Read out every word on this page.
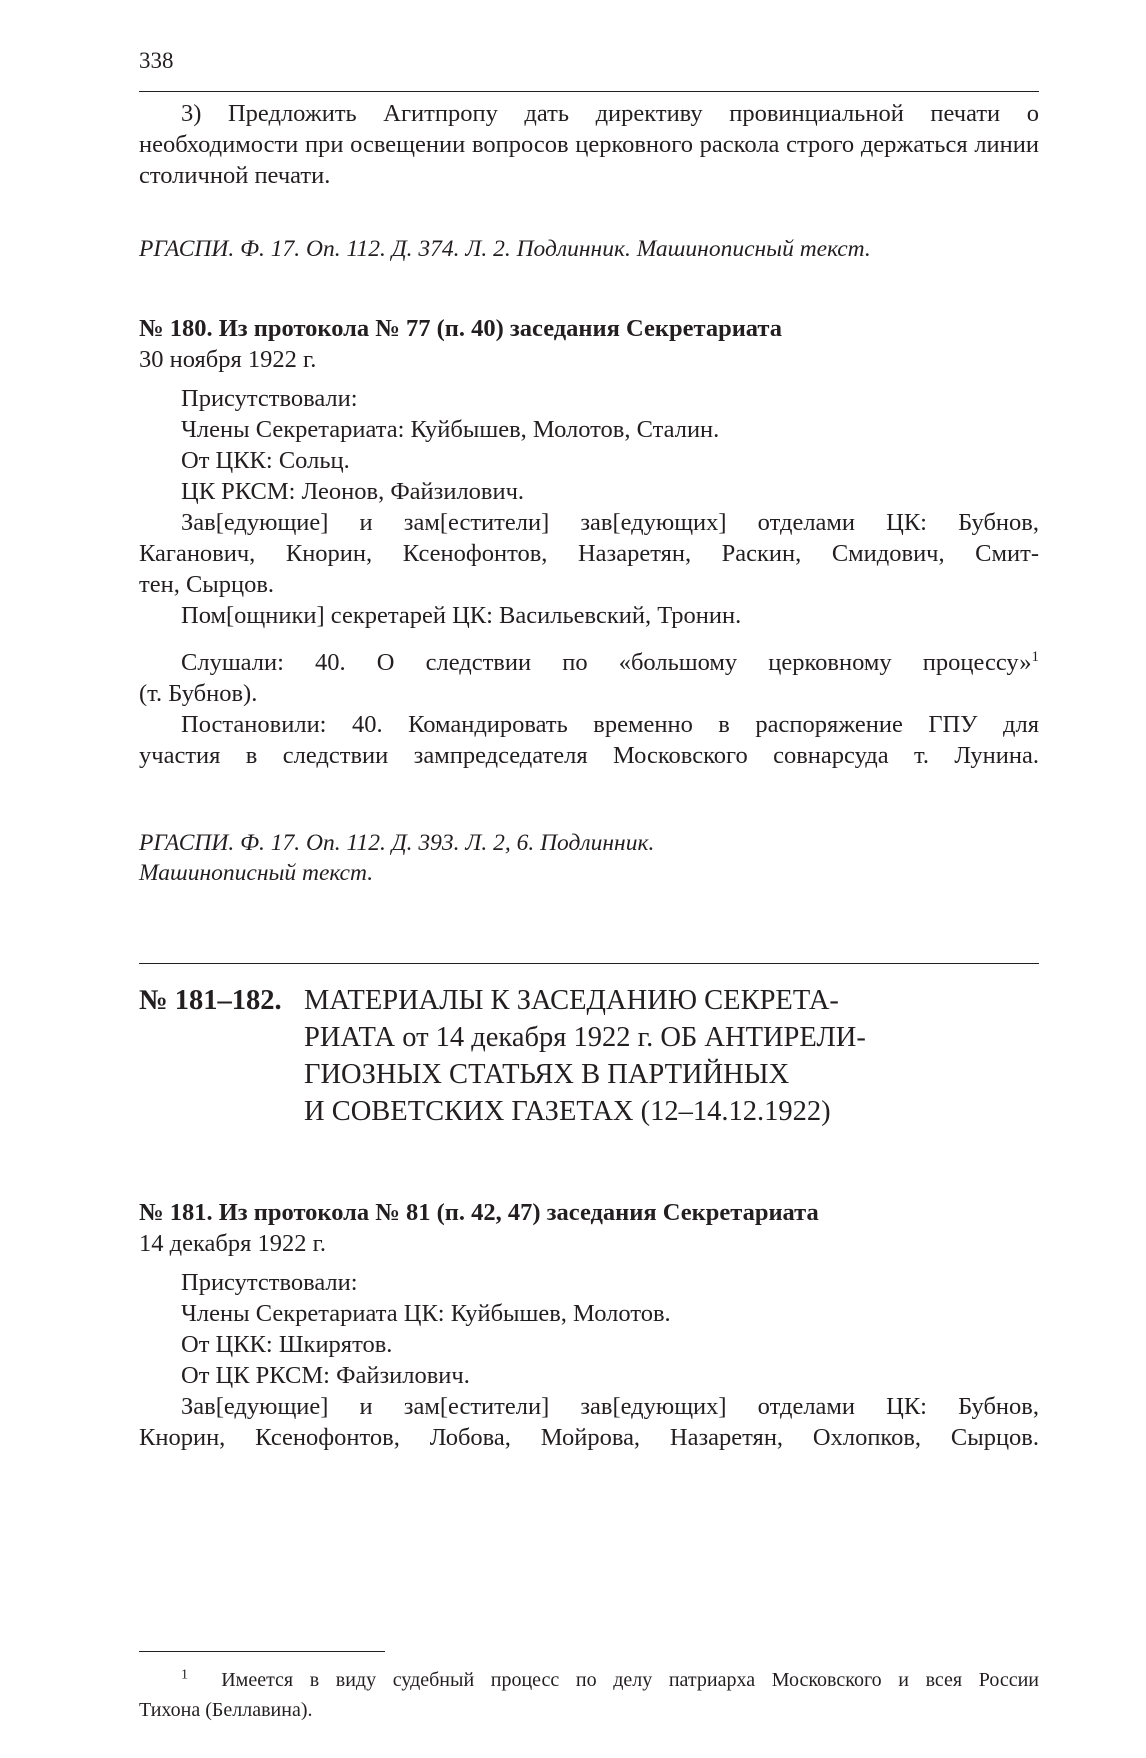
338

3) Предложить Агитпропу дать директиву провинциальной печати о необходимости при освещении вопросов церковного раскола строго держаться линии столичной печати.

РГАСПИ. Ф. 17. Оп. 112. Д. 374. Л. 2. Подлинник. Машинописный текст.

№ 180. Из протокола № 77 (п. 40) заседания Секретариата

30 ноября 1922 г.

Присутствовали:

Члены Секретариата: Куйбышев, Молотов, Сталин.

От ЦКК: Сольц.

ЦК РКСМ: Леонов, Файзилович.

Зав[едующие] и зам[естители] зав[едующих] отделами ЦК: Бубнов,

Каганович, Кнорин, Ксенофонтов, Назаретян, Раскин, Смидович, Смит-

тен, Сырцов.

Пом[ощники] секретарей ЦК: Васильевский, Тронин.

Слушали: 40. О следствии по «большому церковному процессу»$^1$

(т. Бубнов).

Постановили: 40. Командировать временно в распоряжение ГПУ для

участия в следствии зампредседателя Московского совнарсуда т. Лунина.

РГАСПИ. Ф. 17. Оп. 112. Д. 393. Л. 2, 6. Подлинник.

Машинописный текст.

№ 181–182. МАТЕРИАЛЫ К ЗАСЕДАНИЮ СЕКРЕТА-
РИАТА от 14 декабря 1922 г. ОБ АНТИРЕЛИ-
ГИОЗНЫХ СТАТЬЯХ В ПАРТИЙНЫХ
И СОВЕТСКИХ ГАЗЕТАХ (12–14.12.1922)

№ 181. Из протокола № 81 (п. 42, 47) заседания Секретариата

14 декабря 1922 г.

Присутствовали:

Члены Секретариата ЦК: Куйбышев, Молотов.

От ЦКК: Шкирятов.

От ЦК РКСМ: Файзилович.

Зав[едующие] и зам[естители] зав[едующих] отделами ЦК: Бубнов,

Кнорин, Ксенофонтов, Лобова, Мойрова, Назаретян, Охлопков, Сырцов.

$^1$ Имеется в виду судебный процесс по делу патриарха Московского и всея России

Тихона (Беллавина).
